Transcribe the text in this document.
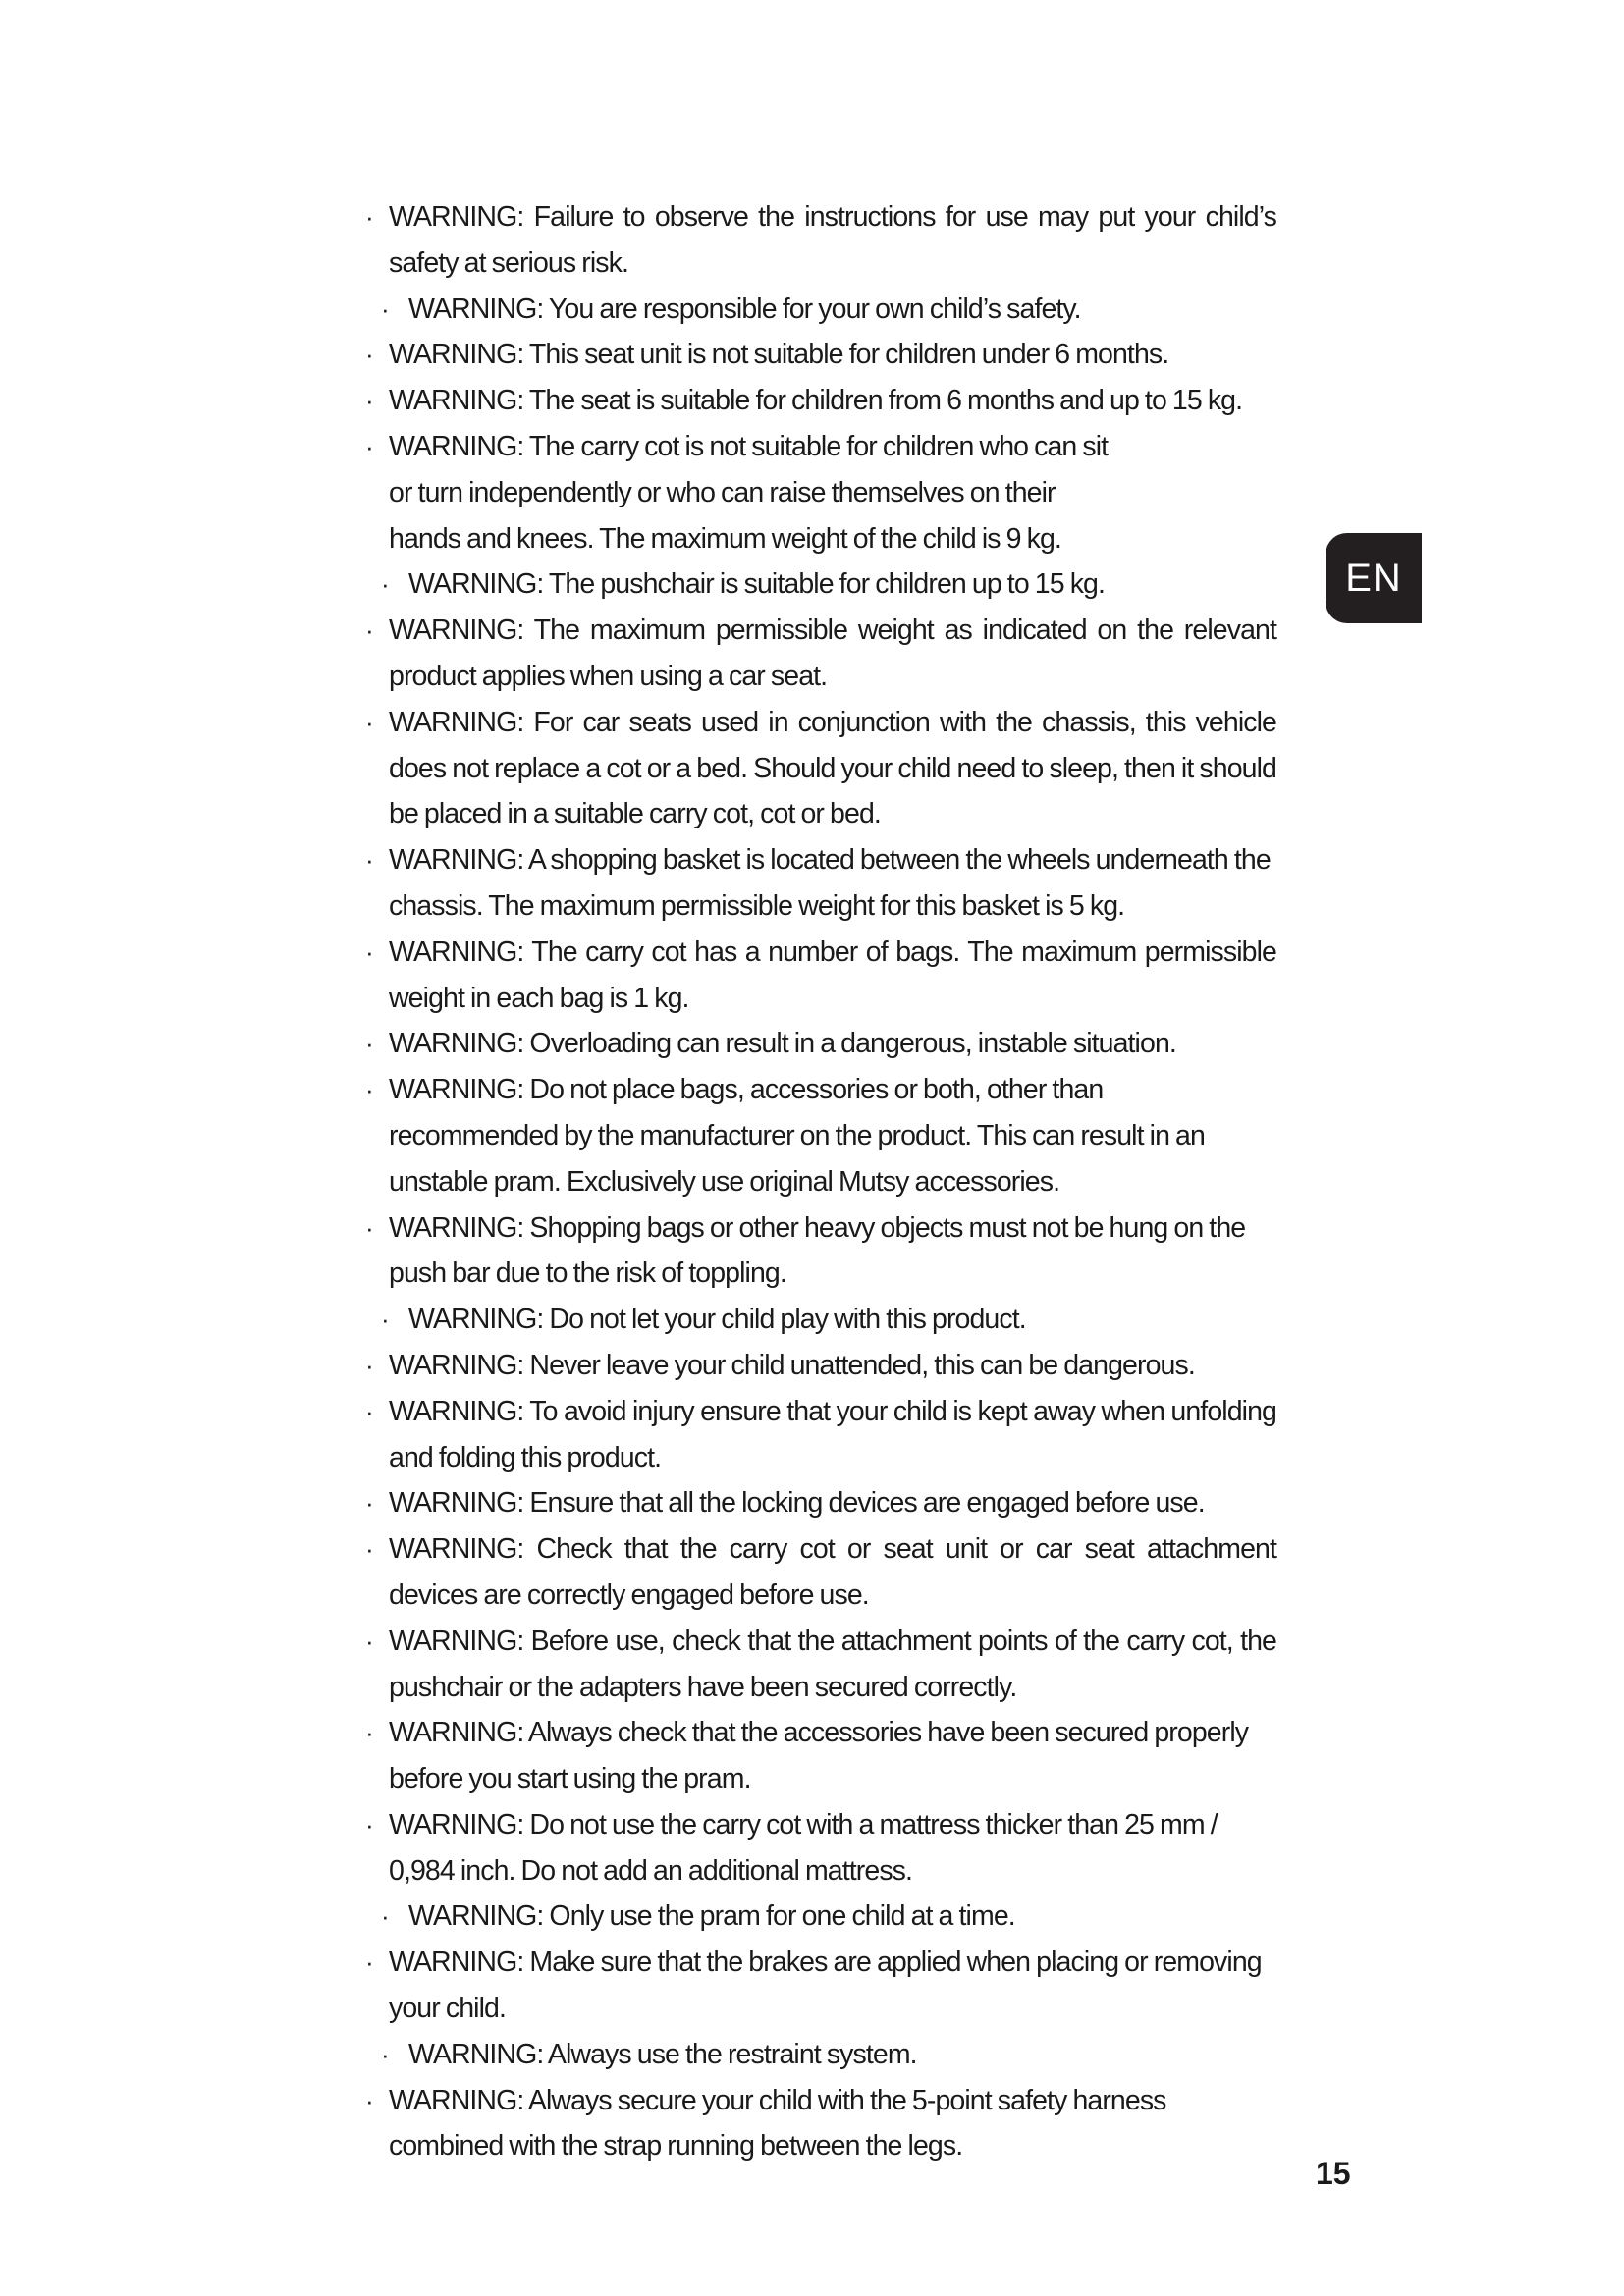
· WARNING: Failure to observe the instructions for use may put your child’s safety at serious risk.
· WARNING: You are responsible for your own child’s safety.
· WARNING: This seat unit is not suitable for children under 6 months.
· WARNING: The seat is suitable for children from 6 months and up to 15 kg.
· WARNING: The carry cot is not suitable for children who can sit or turn independently or who can raise themselves on their hands and knees. The maximum weight of the child is 9 kg.
· WARNING: The pushchair is suitable for children up to 15 kg.
· WARNING: The maximum permissible weight as indicated on the relevant product applies when using a car seat.
· WARNING: For car seats used in conjunction with the chassis, this vehicle does not replace a cot or a bed. Should your child need to sleep, then it should be placed in a suitable carry cot, cot or bed.
· WARNING: A shopping basket is located between the wheels underneath the chassis. The maximum permissible weight for this basket is 5 kg.
· WARNING: The carry cot has a number of bags. The maximum permissible weight in each bag is 1 kg.
· WARNING: Overloading can result in a dangerous, instable situation.
· WARNING: Do not place bags, accessories or both, other than recommended by the manufacturer on the product. This can result in an unstable pram. Exclusively use original Mutsy accessories.
· WARNING: Shopping bags or other heavy objects must not be hung on the push bar due to the risk of toppling.
· WARNING: Do not let your child play with this product.
· WARNING: Never leave your child unattended, this can be dangerous.
· WARNING: To avoid injury ensure that your child is kept away when unfolding and folding this product.
· WARNING: Ensure that all the locking devices are engaged before use.
· WARNING: Check that the carry cot or seat unit or car seat attachment devices are correctly engaged before use.
· WARNING: Before use, check that the attachment points of the carry cot, the pushchair or the adapters have been secured correctly.
· WARNING: Always check that the accessories have been secured properly before you start using the pram.
· WARNING: Do not use the carry cot with a mattress thicker than 25 mm / 0,984 inch. Do not add an additional mattress.
· WARNING: Only use the pram for one child at a time.
· WARNING: Make sure that the brakes are applied when placing or removing your child.
· WARNING: Always use the restraint system.
· WARNING: Always secure your child with the 5-point safety harness combined with the strap running between the legs.
EN
15
